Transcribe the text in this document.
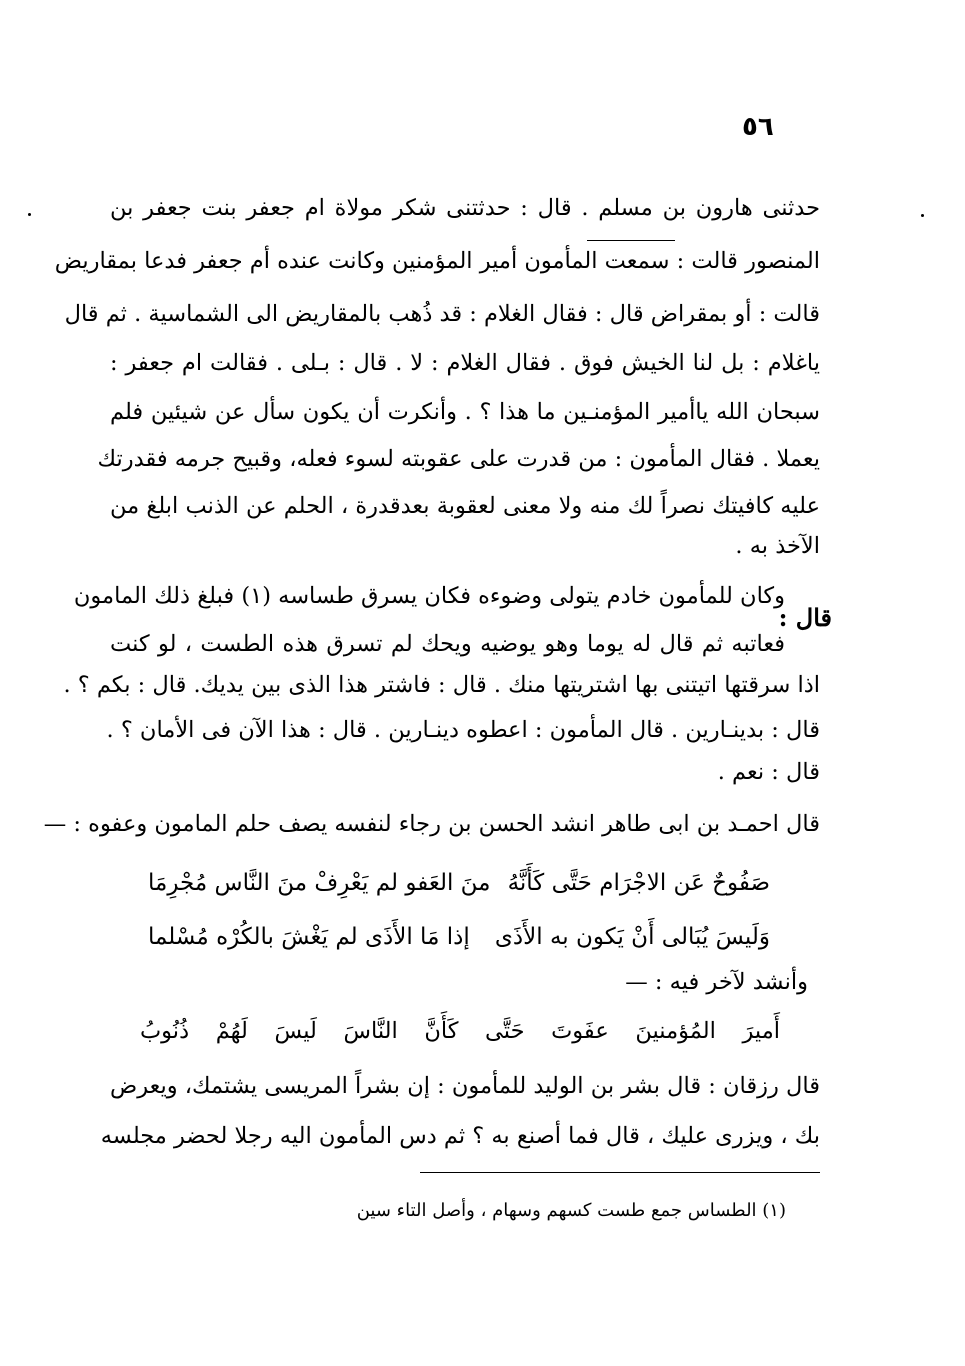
٥٦
حدثنى هارون بن مسلم . قال : حدثتنى شكر مولاة ام جعفر بنت جعفر بن
المنصور قالت : سمعت المأمون أمير المؤمنين وكانت عنده أم جعفر فدعا بمقاريض
قالت : أو بمقراض قال : فقال الغلام : قد ذُهب بالمقاريض الى الشماسية . ثم قال
ياغلام : بل لنا الخيش فوق . فقال الغلام : لا . قال : بـلى . فقالت ام جعفر :
سبحان الله ياأمير المؤمنـين ما هذا ؟ . وأنكرت أن يكون سأل عن شيئين فلم
يعملا . فقال المأمون : من قدرت على عقوبته لسوء فعله، وقبيح جرمه فقدرتك
عليه كافيتك نصراً لك منه ولا معنى لعقوبة بعدقدرة ، الحلم عن الذنب ابلغ من
الآخذ به .
قال :
وكان للمأمون خادم يتولى وضوءه فكان يسرق طساسه (١) فبلغ ذلك المامون
فعاتبه ثم قال له يوما وهو يوضيه ويحك لم تسرق هذه الطست ، لو كنت
اذا سرقتها اتيتنى بها اشتريتها منك . قال : فاشتر هذا الذى بين يديك. قال : بكم ؟ .
قال : بدينـارين . قال المأمون : اعطوه دينـارين . قال : هذا الآن فى الأمان ؟ .
قال : نعم .
قال احمـد بن ابى طاهر انشد الحسن بن رجاء لنفسه يصف حلم المامون وعفوه : —
صَفُوحٌ عَن الاجْرَام حَتَّى كَأَنَّهُ
منَ العَفو لم يَعْرِفْ منَ النَّاس مُجْرِمَا
وَلَيسَ يُبَالى أَنْ يَكون به الأَذَى
إذا مَا الأَذَى لم يَغْشَ بالكُرْه مُسْلما
وأنشد لآخر فيه : —
أَميرَ المُؤمنينَ عفَوتَ حَتَّى كَأَنَّ النَّاسَ لَيسَ لَهُمْ ذُنُوبُ
قال رزقان : قال بشر بن الوليد للمأمون : إن بشراً المريسى يشتمك، ويعرض
بك ، ويزرى عليك ، قال فما أصنع به ؟ ثم دس المأمون اليه رجلا لحضر مجلسه
(١) الطساس جمع طست كسهم وسهام ، وأصل التاء سين
